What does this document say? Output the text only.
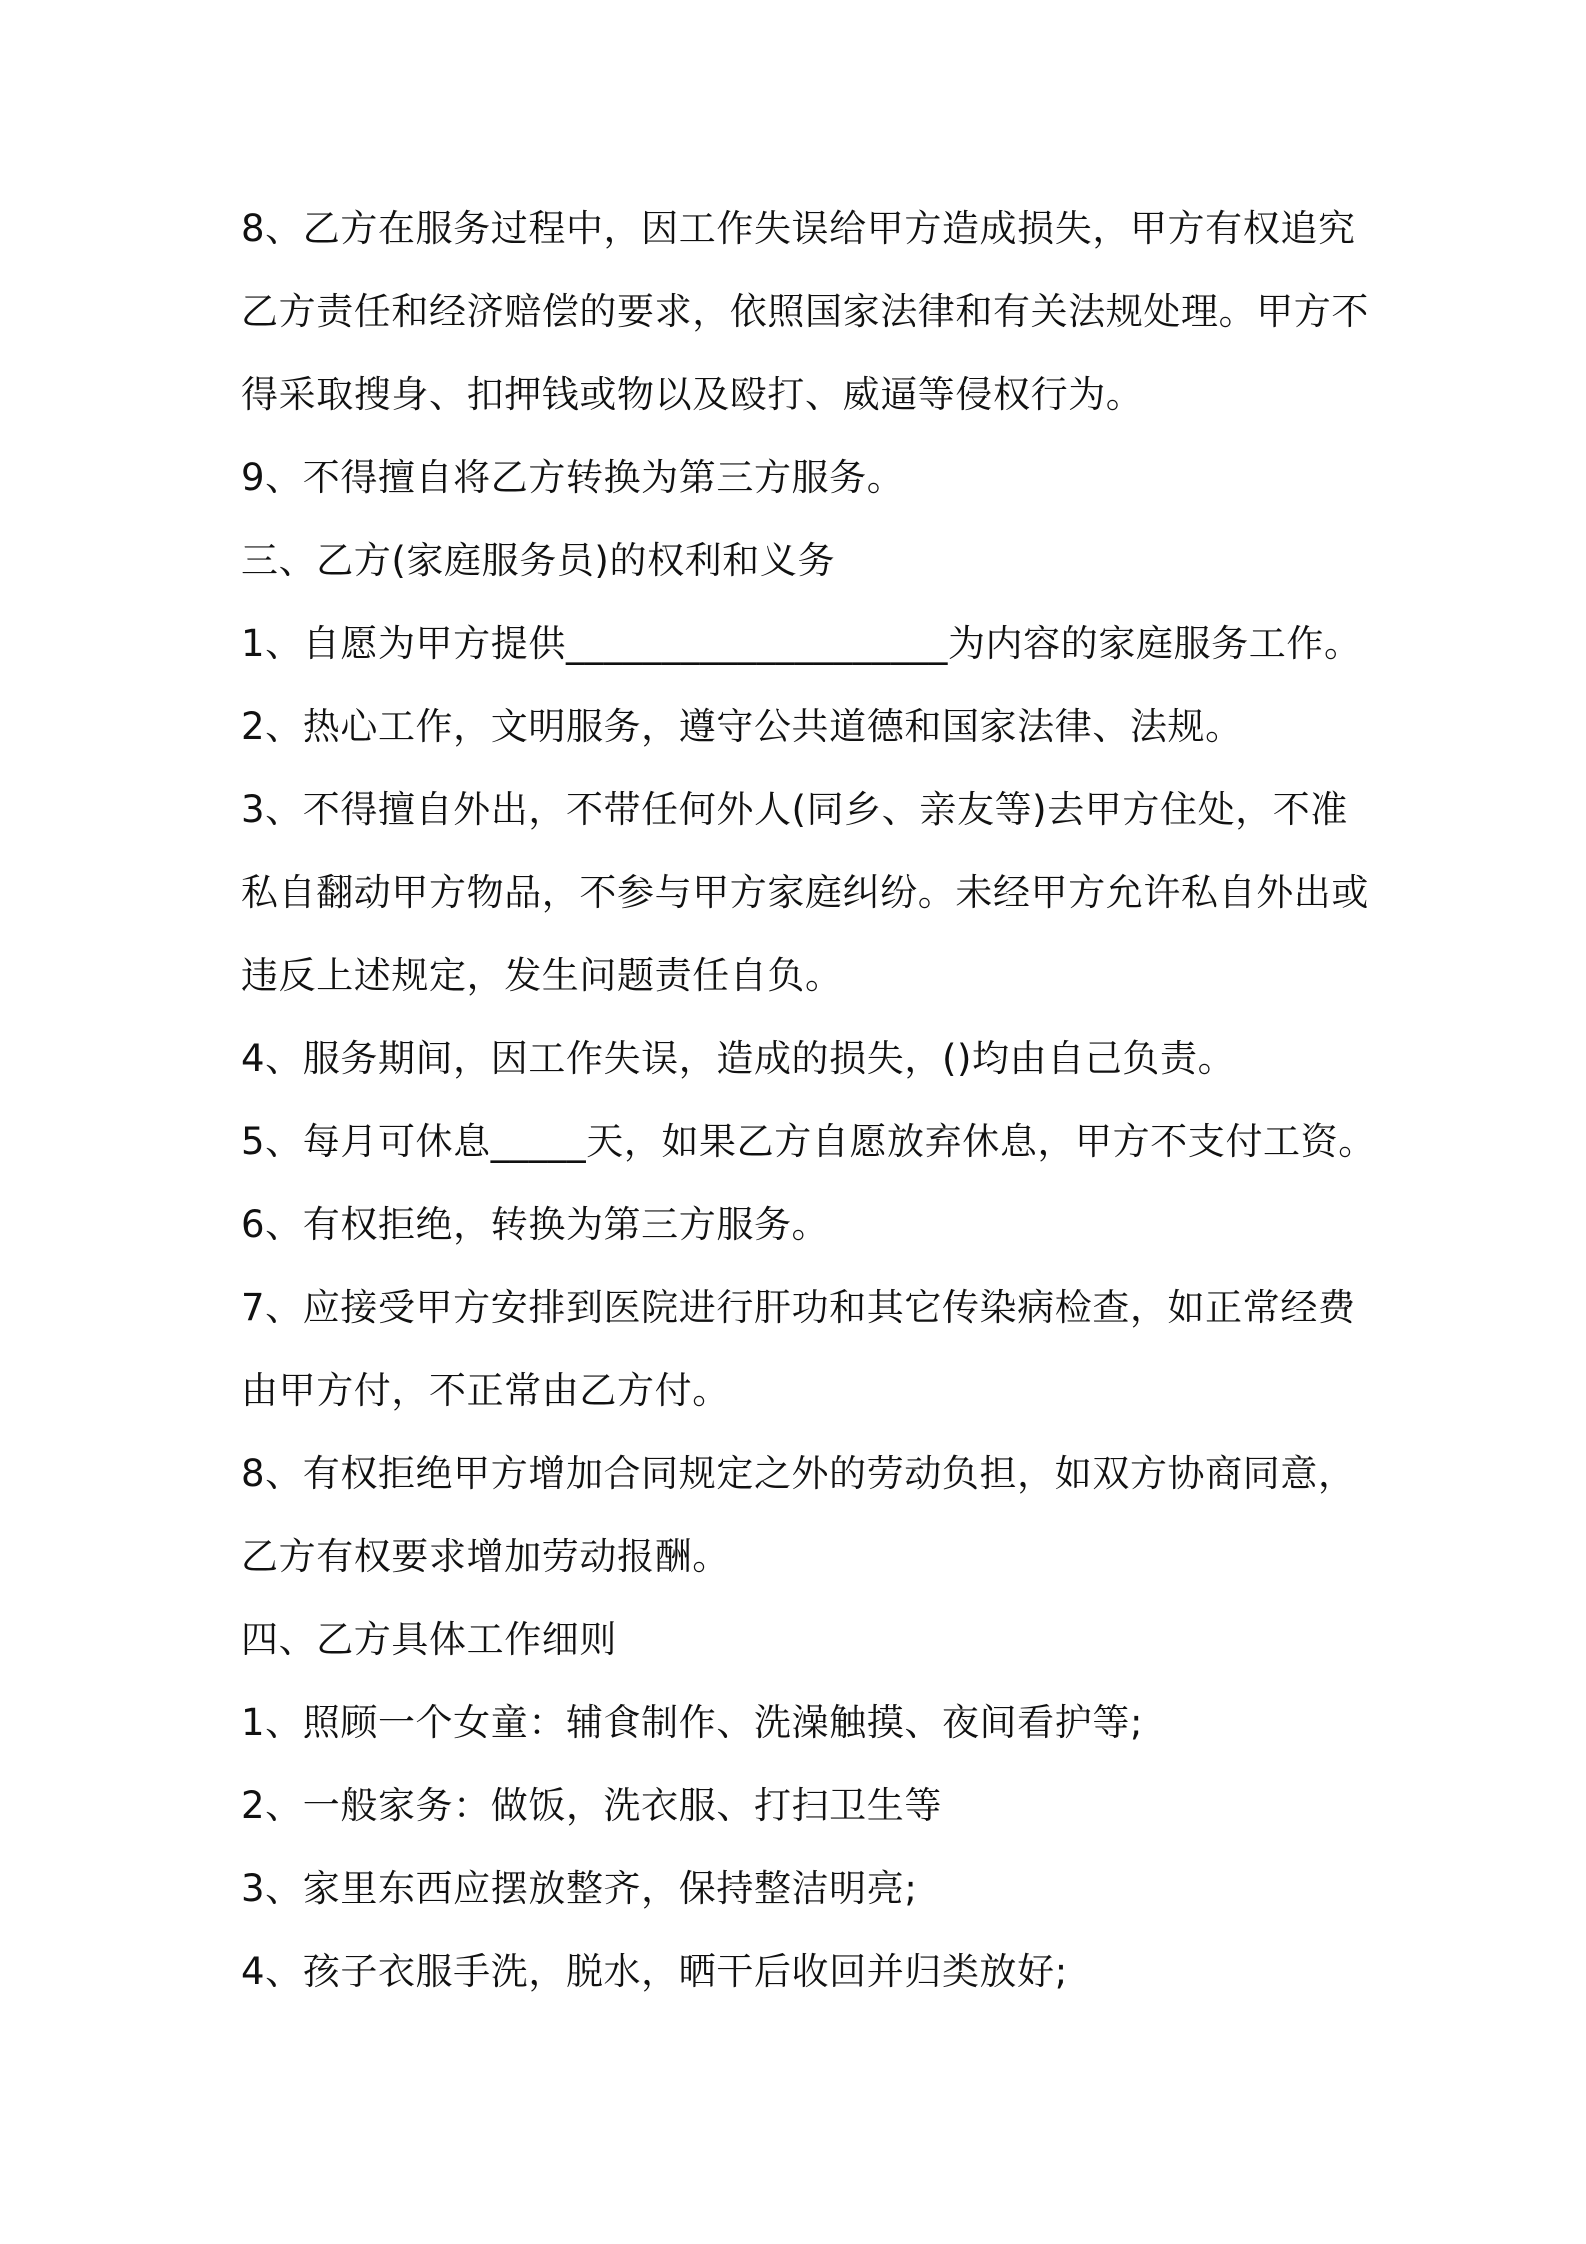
8、乙方在服务过程中，因工作失误给甲方造成损失，甲方有权追究
乙方责任和经济赔偿的要求，依照国家法律和有关法规处理。甲方不
得采取搜身、扣押钱或物以及殴打、威逼等侵权行为。
9、不得擅自将乙方转换为第三方服务。
三、乙方(家庭服务员)的权利和义务
1、自愿为甲方提供____________________为内容的家庭服务工作。
2、热心工作，文明服务，遵守公共道德和国家法律、法规。
3、不得擅自外出，不带任何外人(同乡、亲友等)去甲方住处，不准
私自翻动甲方物品，不参与甲方家庭纠纷。未经甲方允许私自外出或
违反上述规定，发生问题责任自负。
4、服务期间，因工作失误，造成的损失，()均由自己负责。
5、每月可休息_____天，如果乙方自愿放弃休息，甲方不支付工资。
6、有权拒绝，转换为第三方服务。
7、应接受甲方安排到医院进行肝功和其它传染病检查，如正常经费
由甲方付，不正常由乙方付。
8、有权拒绝甲方增加合同规定之外的劳动负担，如双方协商同意，
乙方有权要求增加劳动报酬。
四、乙方具体工作细则
1、照顾一个女童：辅食制作、洗澡触摸、夜间看护等;
2、一般家务：做饭，洗衣服、打扫卫生等
3、家里东西应摆放整齐，保持整洁明亮;
4、孩子衣服手洗，脱水，晒干后收回并归类放好;
